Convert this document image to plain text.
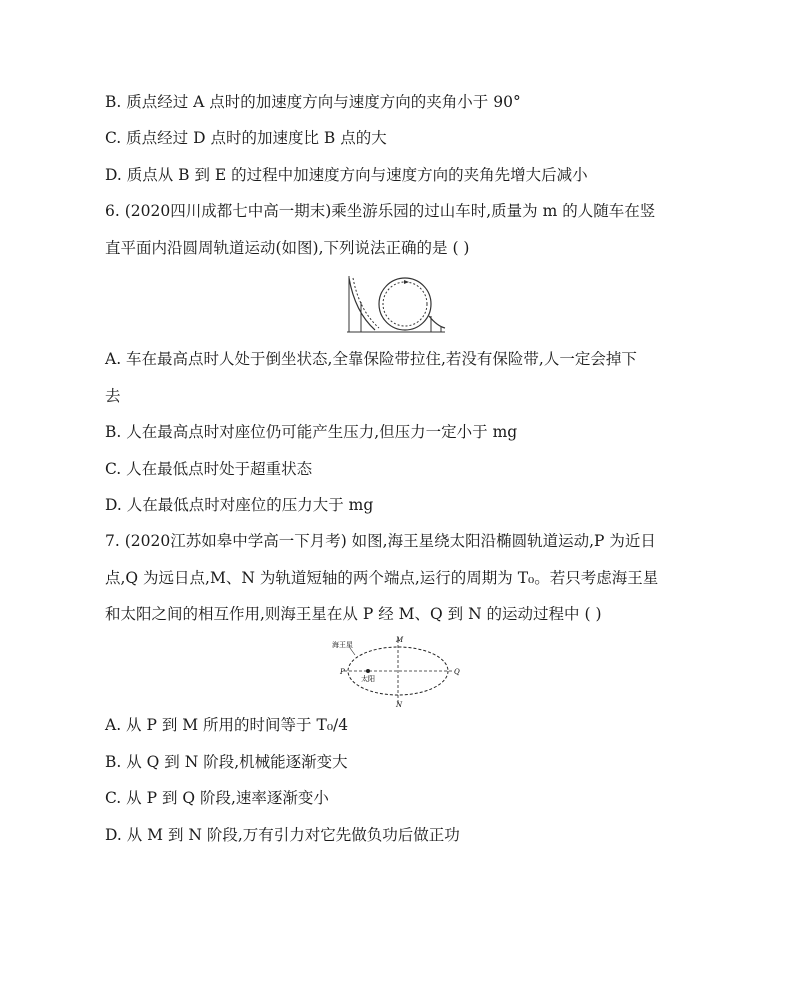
B. 质点经过 A 点时的加速度方向与速度方向的夹角小于 90°
C. 质点经过 D 点时的加速度比 B 点的大
D. 质点从 B 到 E 的过程中加速度方向与速度方向的夹角先增大后减小
6. (2020四川成都七中高一期末)乘坐游乐园的过山车时,质量为 m 的人随车在竖
直平面内沿圆周轨道运动(如图),下列说法正确的是 ( )
A. 车在最高点时人处于倒坐状态,全靠保险带拉住,若没有保险带,人一定会掉下
去
B. 人在最高点时对座位仍可能产生压力,但压力一定小于 mg
C. 人在最低点时处于超重状态
D. 人在最低点时对座位的压力大于 mg
7. (2020江苏如皋中学高一下月考) 如图,海王星绕太阳沿椭圆轨道运动,P 为近日
点,Q 为远日点,M、N 为轨道短轴的两个端点,运行的周期为 T₀。若只考虑海王星
和太阳之间的相互作用,则海王星在从 P 经 M、Q 到 N 的运动过程中 ( )
海王星
太阳
M
N
P	Q
A. 从 P 到 M 所用的时间等于 T₀/4
B. 从 Q 到 N 阶段,机械能逐渐变大
C. 从 P 到 Q 阶段,速率逐渐变小
D. 从 M 到 N 阶段,万有引力对它先做负功后做正功
